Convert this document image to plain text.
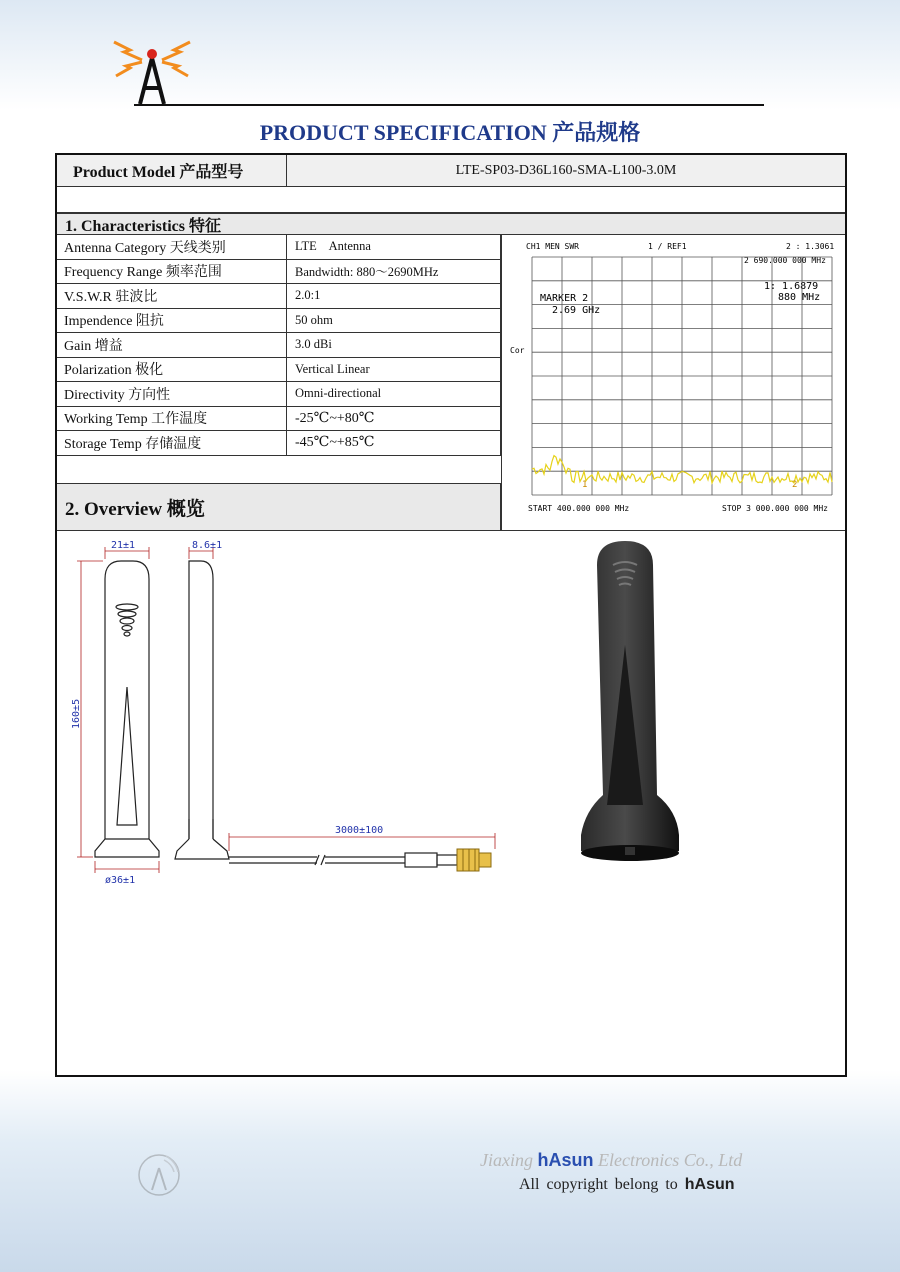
PRODUCT SPECIFICATION 产品规格
Product Model 产品型号	LTE-SP03-D36L160-SMA-L100-3.0M
1. Characteristics 特征
Antenna Category 天线类别	LTE    Antenna
Frequency Range 频率范围	Bandwidth: 880～2690MHz
V.S.W.R 驻波比	2.0:1
Impendence 阻抗	50 ohm
Gain 增益	3.0 dBi
Polarization 极化	Vertical Linear
Directivity 方向性	Omni-directional
Working Temp 工作温度	-25℃~+80℃
Storage Temp 存储温度	-45℃~+85℃
CH1 MEN SWR	1 / REF1	2 : 1.3061
2 690.000 000 MHz
1: 1.6879
880 MHz
MARKER 2
2.69 GHz
Cor
1	2
START 400.000 000 MHz	STOP 3 000.000 000 MHz
2. Overview 概览
21±1	8.6±1
160±5
ø36±1
3000±100
Jiaxing hAsun Electronics Co., Ltd
All copyright belong to hAsun
